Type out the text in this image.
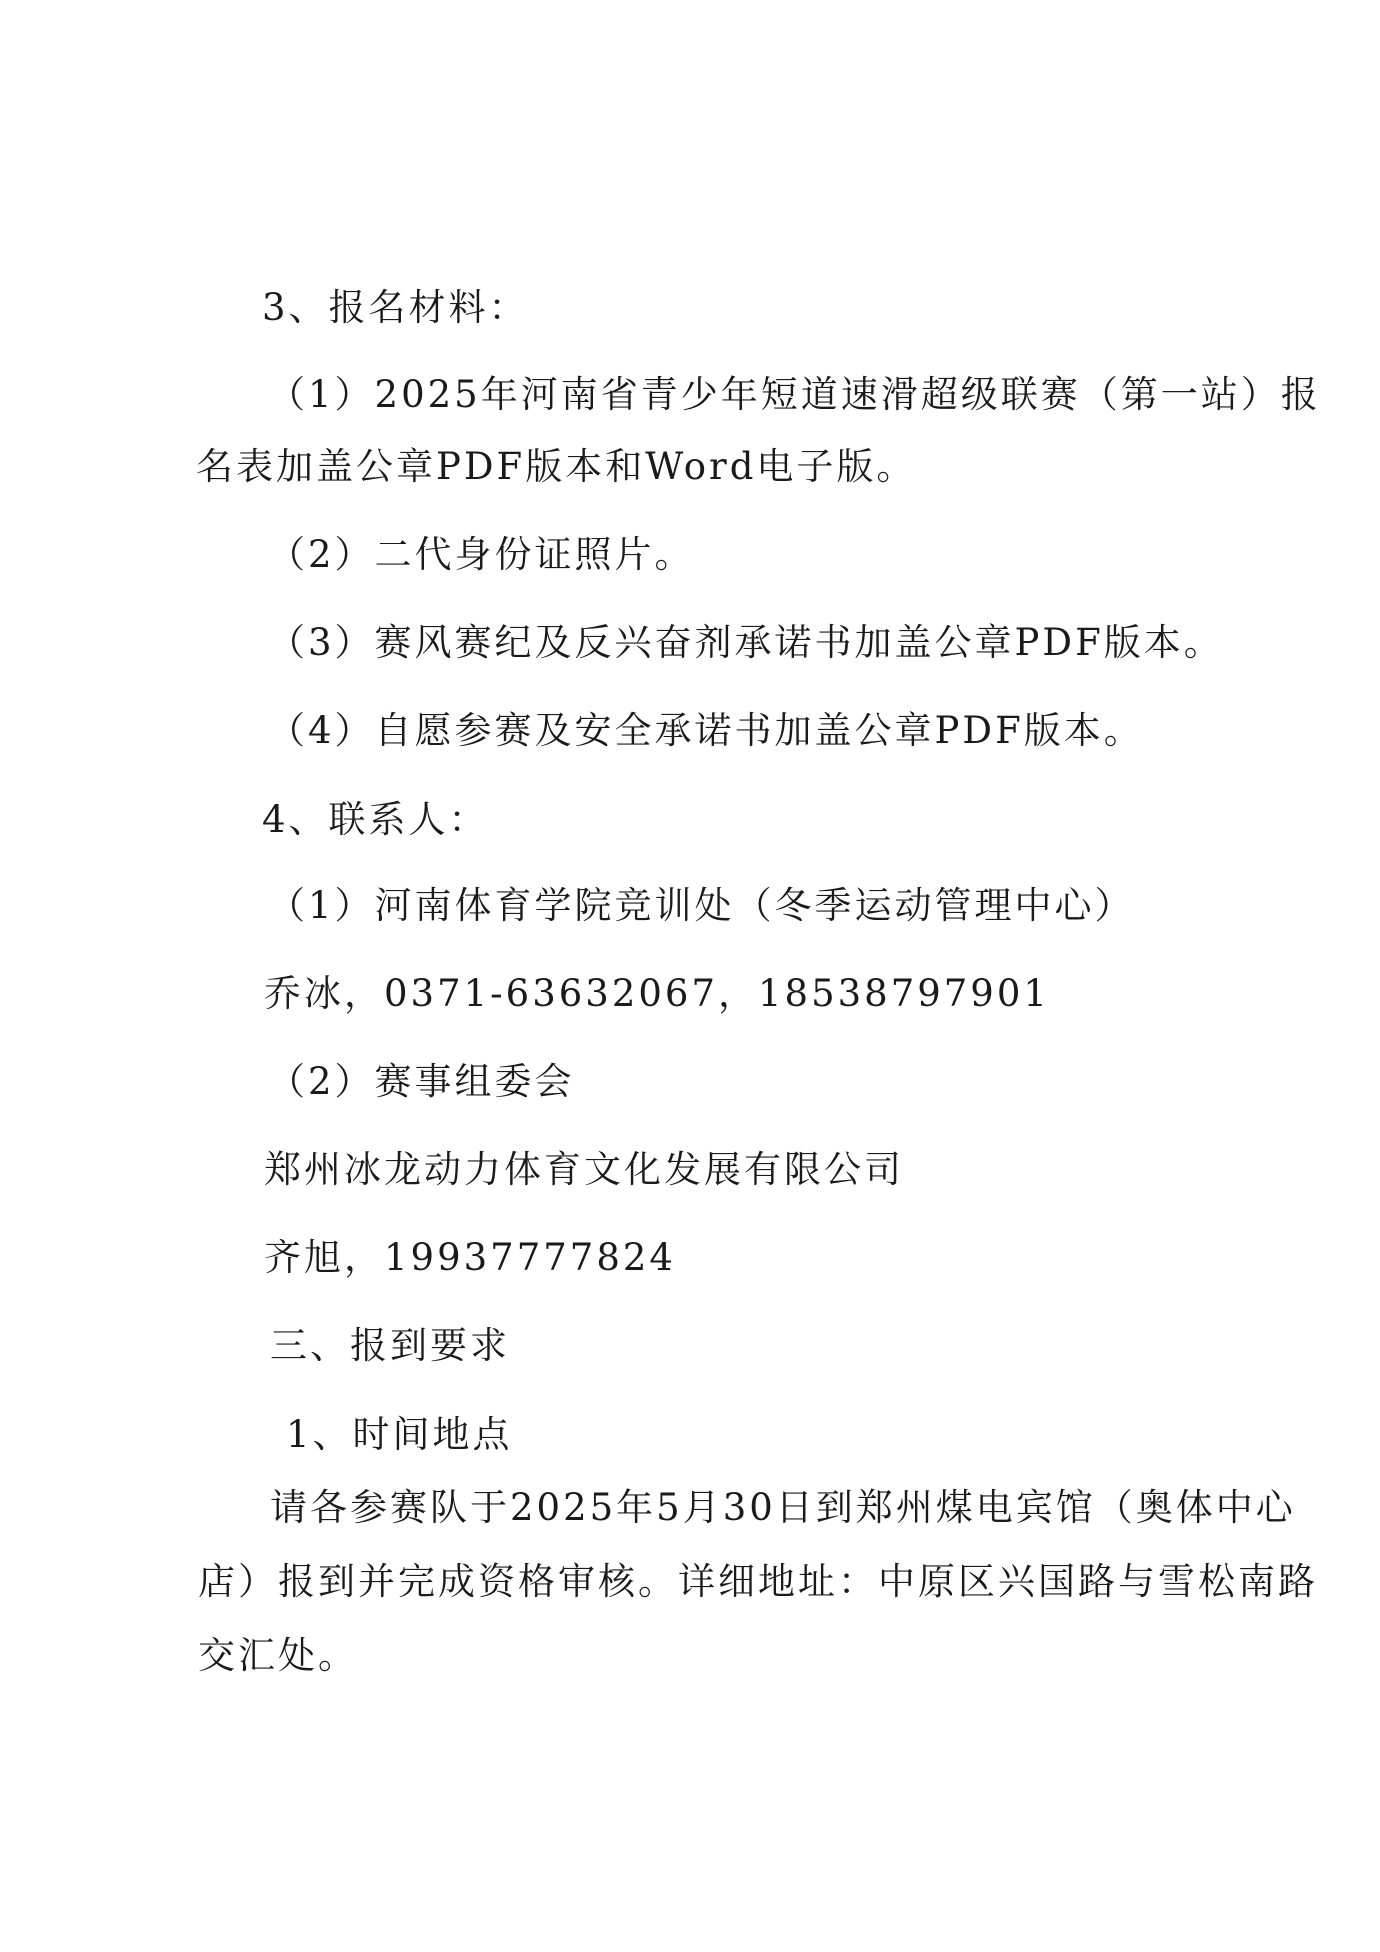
3、报名材料：
（1）2025年河南省青少年短道速滑超级联赛（第一站）报
名表加盖公章PDF版本和Word电子版。
（2）二代身份证照片。
（3）赛风赛纪及反兴奋剂承诺书加盖公章PDF版本。
（4）自愿参赛及安全承诺书加盖公章PDF版本。
4、联系人：
（1）河南体育学院竞训处（冬季运动管理中心）
乔冰，0371-63632067，18538797901
（2）赛事组委会
郑州冰龙动力体育文化发展有限公司
齐旭，19937777824
三、报到要求
1、时间地点
请各参赛队于2025年5月30日到郑州煤电宾馆（奥体中心
店）报到并完成资格审核。详细地址：中原区兴国路与雪松南路
交汇处。
